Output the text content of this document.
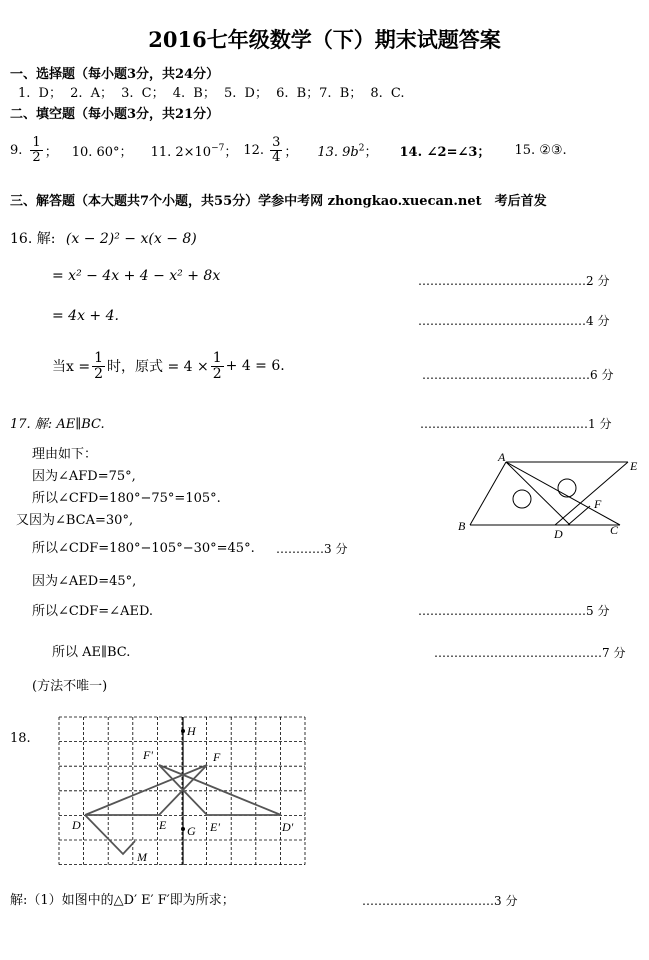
2016七年级数学（下）期末试题答案
一、选择题（每小题3分，共24分）
1. D； 2. A； 3. C； 4. B； 5. D； 6. B；7. B； 8. C.
二、填空题（每小题3分，共21分）
9. $\frac{1}{2}$ ； 10. 60°； 11. $2\times 10^{-7}$； 12. $\frac{3}{4}$ ； 13. $9b^2$； 14. ∠2=∠3； 15. ②③.
三、解答题（本大题共7个小题，共55分）学参中考网 zhongkao.xuecan.net　考后首发
16. 解: (x − 2)² − x(x − 8)
= x² − 4x + 4 − x² + 8x	……………………………………2 分
= 4x + 4.	……………………………………4 分
当$x = \frac{1}{2}$ 时，原式 = $4 \times \frac{1}{2} + 4 = 6$.
……………………………………6 分
17. 解: AE∥BC.	……………………………………1 分
理由如下：
因为∠AFD=75°,
所以∠CFD=180°−75°=105°.
又因为∠BCA=30°,
所以∠CDF=180°−105°−30°=45°. …………3 分
因为∠AED=45°,
所以∠CDF=∠AED.	……………………………………5 分
所以 AE∥BC.	……………………………………7 分
(方法不唯一)
A
E
F
B
D	C
18.	H
F'	F
D	E G E'	D'
M
解:（1）如图中的△D′ E′ F′即为所求；	……………………………3 分
